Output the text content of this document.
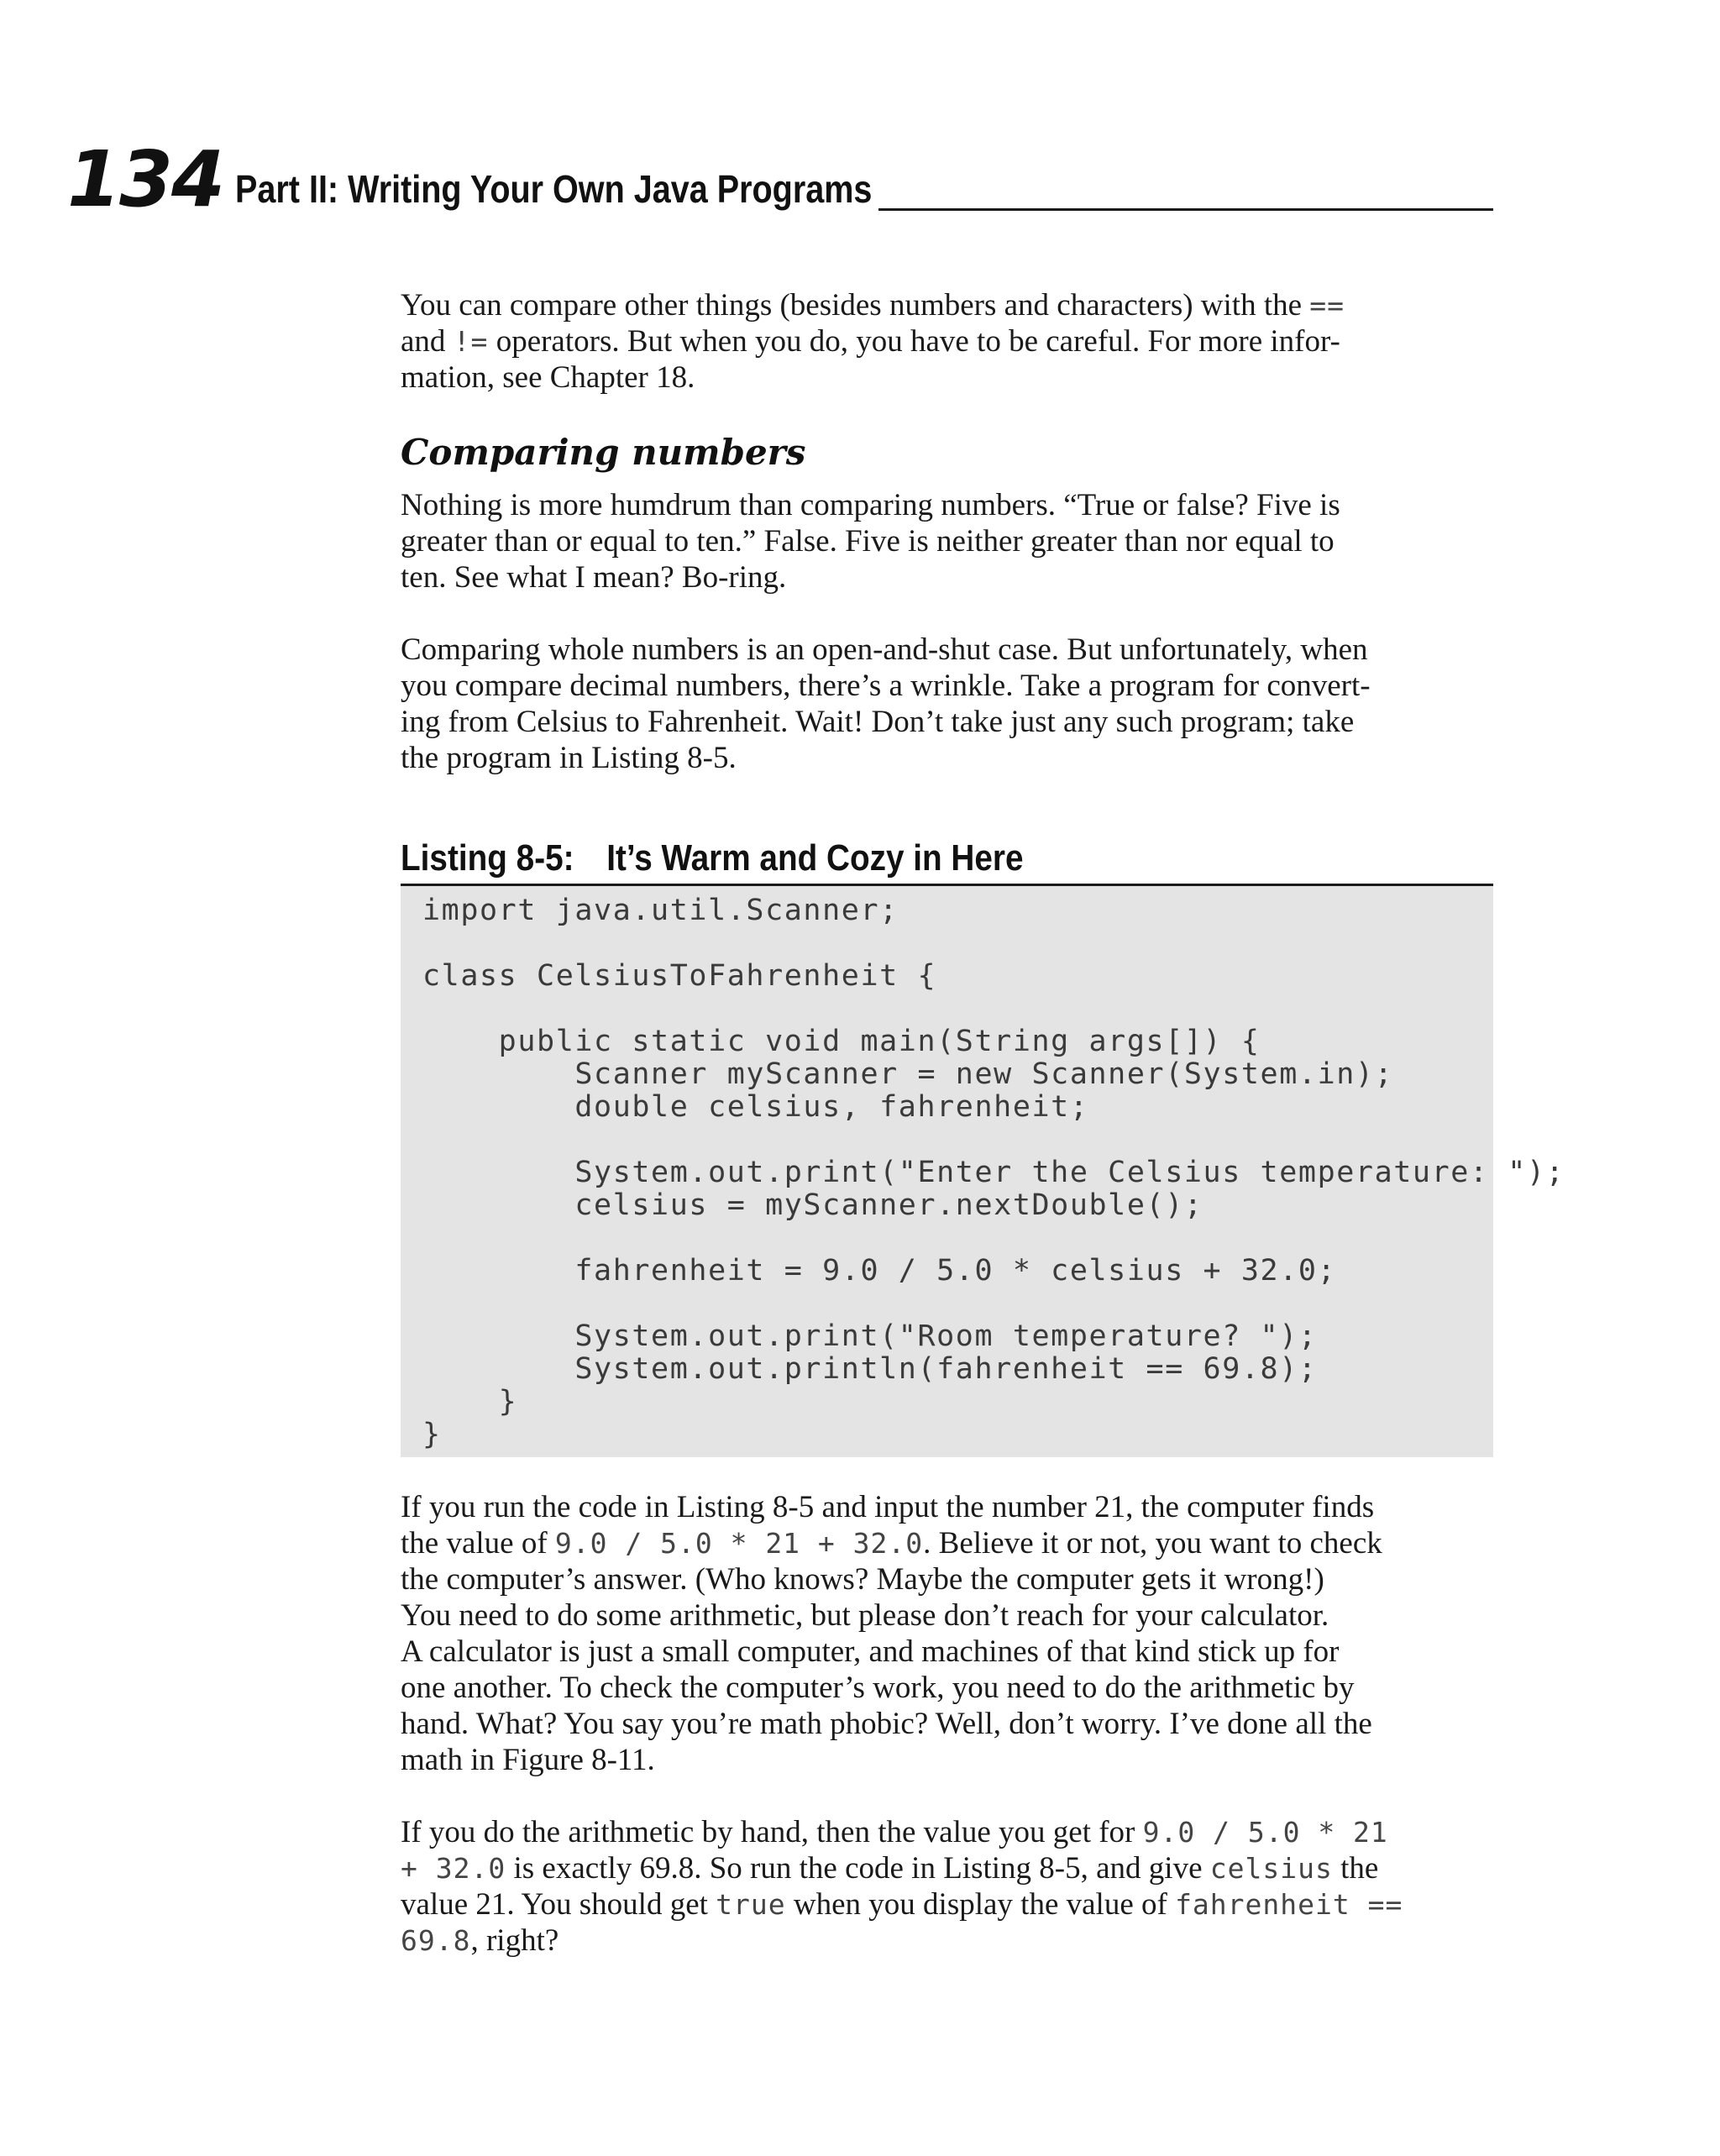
134 Part II: Writing Your Own Java Programs

You can compare other things (besides numbers and characters) with the ==
and != operators. But when you do, you have to be careful. For more infor-
mation, see Chapter 18.

Comparing numbers

Nothing is more humdrum than comparing numbers. “True or false? Five is
greater than or equal to ten.” False. Five is neither greater than nor equal to
ten. See what I mean? Bo-ring.

Comparing whole numbers is an open-and-shut case. But unfortunately, when
you compare decimal numbers, there’s a wrinkle. Take a program for convert-
ing from Celsius to Fahrenheit. Wait! Don’t take just any such program; take
the program in Listing 8-5.

Listing 8-5: It’s Warm and Cozy in Here
import java.util.Scanner;
class CelsiusToFahrenheit {
public static void main(String args[]) {
Scanner myScanner = new Scanner(System.in);
double celsius, fahrenheit;
System.out.print("Enter the Celsius temperature: ");
celsius = myScanner.nextDouble();
fahrenheit = 9.0 / 5.0 * celsius + 32.0;
System.out.print("Room temperature? ");
System.out.println(fahrenheit == 69.8);
}
}

If you run the code in Listing 8-5 and input the number 21, the computer finds
the value of 9.0 / 5.0 * 21 + 32.0. Believe it or not, you want to check
the computer’s answer. (Who knows? Maybe the computer gets it wrong!)
You need to do some arithmetic, but please don’t reach for your calculator.
A calculator is just a small computer, and machines of that kind stick up for
one another. To check the computer’s work, you need to do the arithmetic by
hand. What? You say you’re math phobic? Well, don’t worry. I’ve done all the
math in Figure 8-11.

If you do the arithmetic by hand, then the value you get for 9.0 / 5.0 * 21
+ 32.0 is exactly 69.8. So run the code in Listing 8-5, and give celsius the
value 21. You should get true when you display the value of fahrenheit ==
69.8, right?
